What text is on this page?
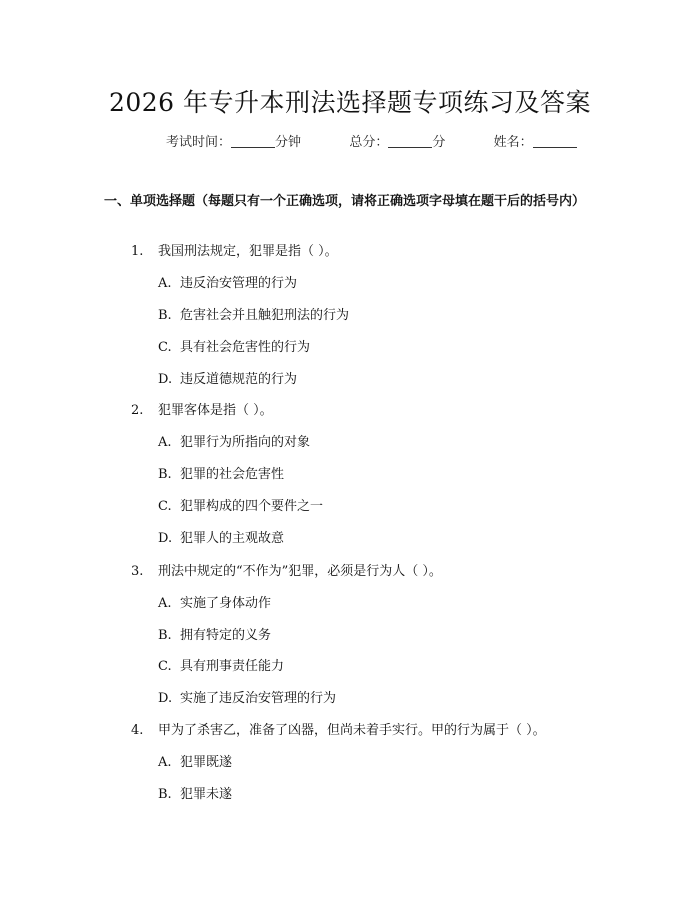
2026 年专升本刑法选择题专项练习及答案
考试时间：	分钟	总分：	分	姓名：
一、单项选择题（每题只有一个正确选项，请将正确选项字母填在题干后的括号内）
1. 我国刑法规定，犯罪是指（ ）。
A. 违反治安管理的行为
B. 危害社会并且触犯刑法的行为
C. 具有社会危害性的行为
D. 违反道德规范的行为
2. 犯罪客体是指（ ）。
A. 犯罪行为所指向的对象
B. 犯罪的社会危害性
C. 犯罪构成的四个要件之一
D. 犯罪人的主观故意
3. 刑法中规定的“不作为”犯罪，必须是行为人（ ）。
A. 实施了身体动作
B. 拥有特定的义务
C. 具有刑事责任能力
D. 实施了违反治安管理的行为
4. 甲为了杀害乙，准备了凶器，但尚未着手实行。甲的行为属于（ ）。
A. 犯罪既遂
B. 犯罪未遂
